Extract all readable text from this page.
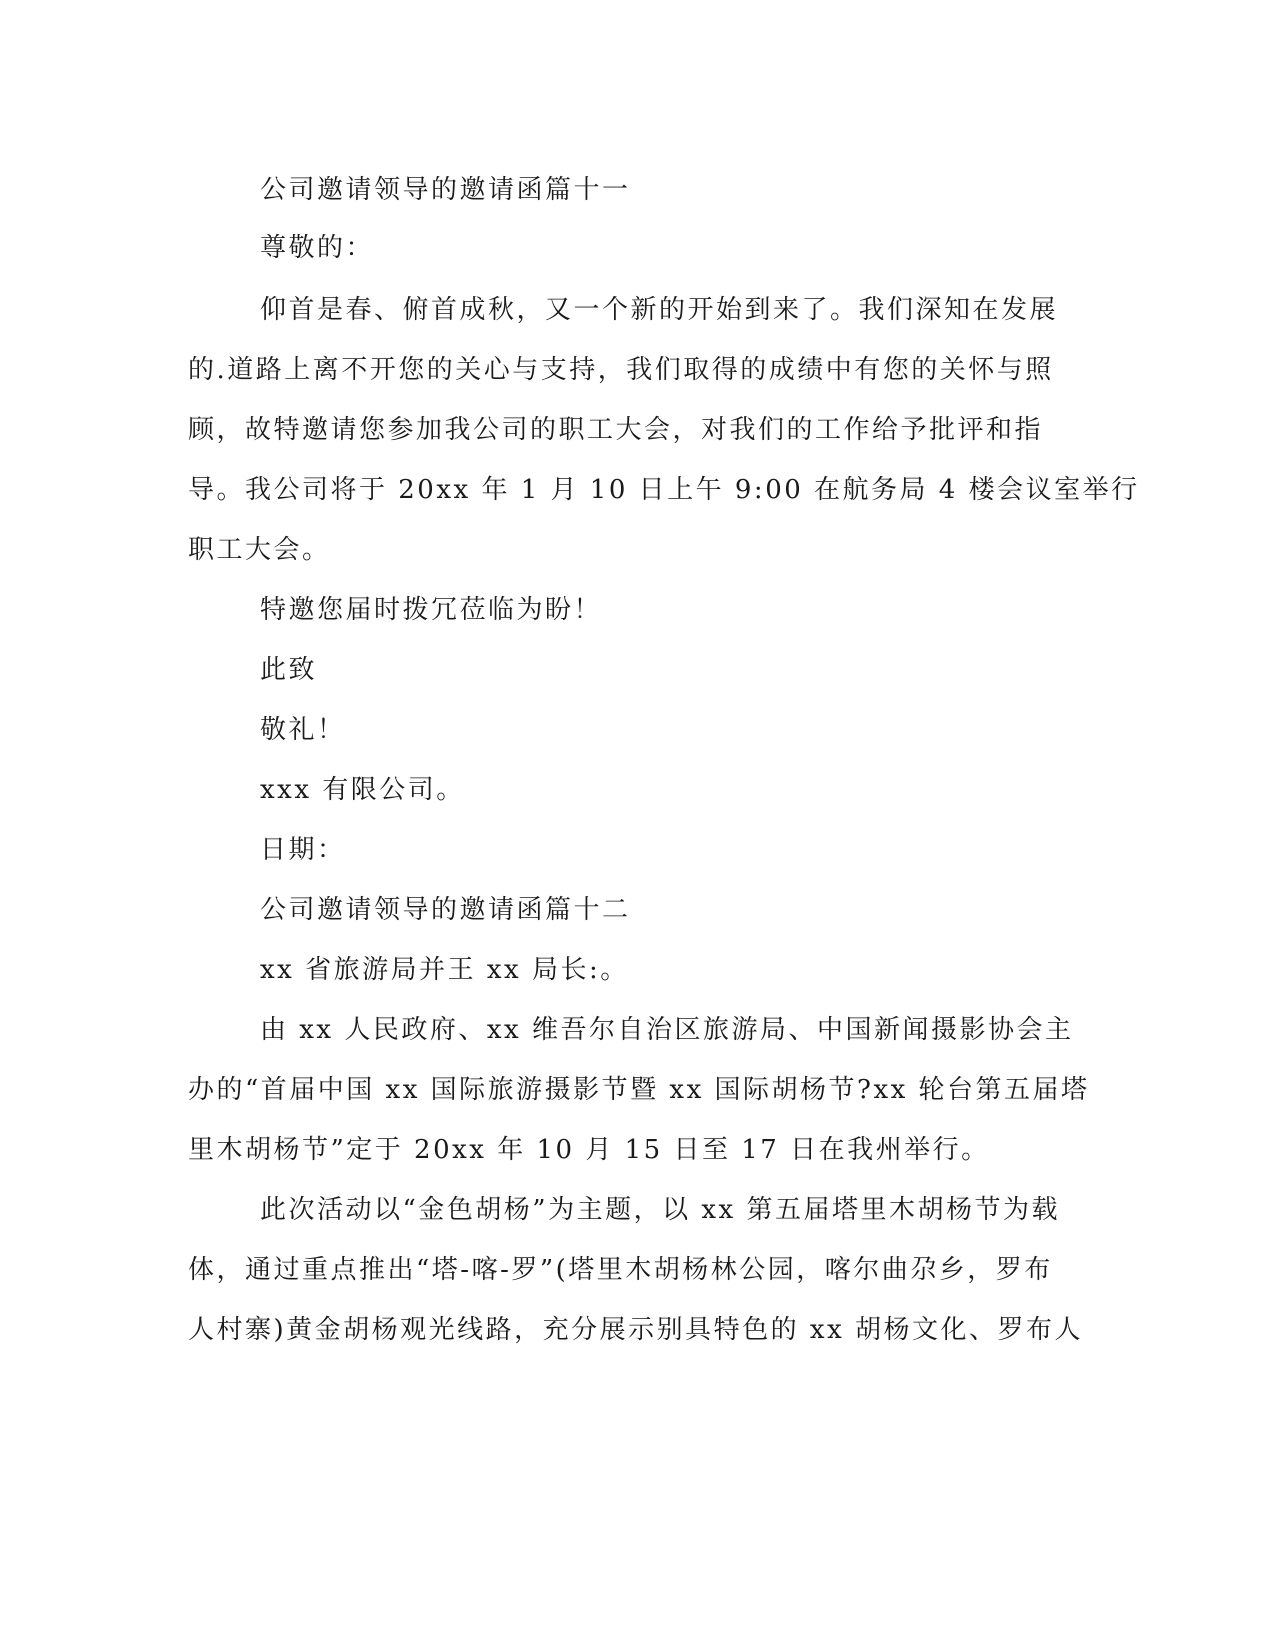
公司邀请领导的邀请函篇十一

尊敬的：

仰首是春、俯首成秋，又一个新的开始到来了。我们深知在发展

的.道路上离不开您的关心与支持，我们取得的成绩中有您的关怀与照

顾，故特邀请您参加我公司的职工大会，对我们的工作给予批评和指

导。我公司将于 20xx 年 1 月 10 日上午 9:00 在航务局 4 楼会议室举行

职工大会。

特邀您届时拨冗莅临为盼！

此致

敬礼！

xxx 有限公司。

日期：

公司邀请领导的邀请函篇十二

xx 省旅游局并王 xx 局长:。

由 xx 人民政府、xx 维吾尔自治区旅游局、中国新闻摄影协会主

办的“首届中国 xx 国际旅游摄影节暨 xx 国际胡杨节?xx 轮台第五届塔

里木胡杨节”定于 20xx 年 10 月 15 日至 17 日在我州举行。

此次活动以“金色胡杨”为主题，以 xx 第五届塔里木胡杨节为载

体，通过重点推出“塔-喀-罗”(塔里木胡杨林公园，喀尔曲尕乡，罗布

人村寨)黄金胡杨观光线路，充分展示别具特色的 xx 胡杨文化、罗布人
